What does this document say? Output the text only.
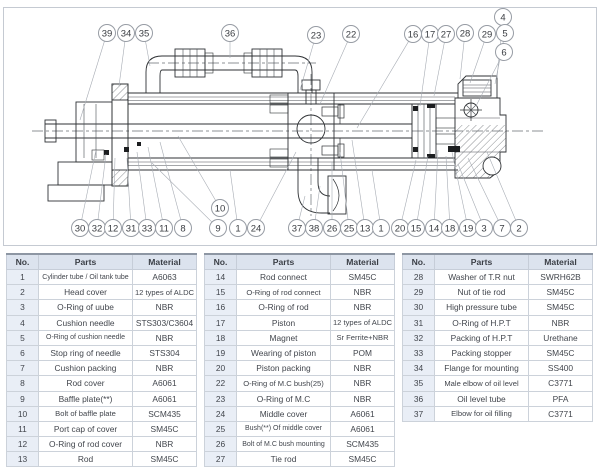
39 34 35	36	23	22	16 17 27 28 29
4
5
6
30 32 12 31 33 11 8	9
10
1 24	37 38 26 25 13 1 20 15 14 18 19 3 7 2
No.	Parts	Material
1	Cylinder tube / Oil tank tube	A6063
2	Head cover	12 types of ALDC
3	O-Ring of uube	NBR
4	Cushion needle	STS303/C3604
5	O-Ring of cushion needle	NBR
6	Stop ring of needle	STS304
7	Cushion packing	NBR
8	Rod cover	A6061
9	Baffle plate(**)	A6061
10	Bolt of baffle plate	SCM435
11	Port cap of cover	SM45C
12	O-Ring of rod cover	NBR
13	Rod	SM45C
No.	Parts	Material
14	Rod connect	SM45C
15	O-Ring of rod connect	NBR
16	O-Ring of rod	NBR
17	Piston	12 types of ALDC
18	Magnet	Sr Ferrite+NBR
19	Wearing of piston	POM
20	Piston packing	NBR
22	O-Ring of M.C bush(25)	NBR
23	O-Ring of M.C	NBR
24	Middle cover	A6061
25	Bush(**) Of middle cover	A6061
26	Bolt of M.C bush mounting	SCM435
27	Tie rod	SM45C
No.	Parts	Material
28	Washer of T.R nut	SWRH62B
29	Nut of tie rod	SM45C
30	High pressure tube	SM45C
31	O-Ring of H.P.T	NBR
32	Packing of H.P.T	Urethane
33	Packing stopper	SM45C
34	Flange for mounting	SS400
35	Male elbow of oil level	C3771
36	Oil level tube	PFA
37	Elbow for oil filling	C3771
